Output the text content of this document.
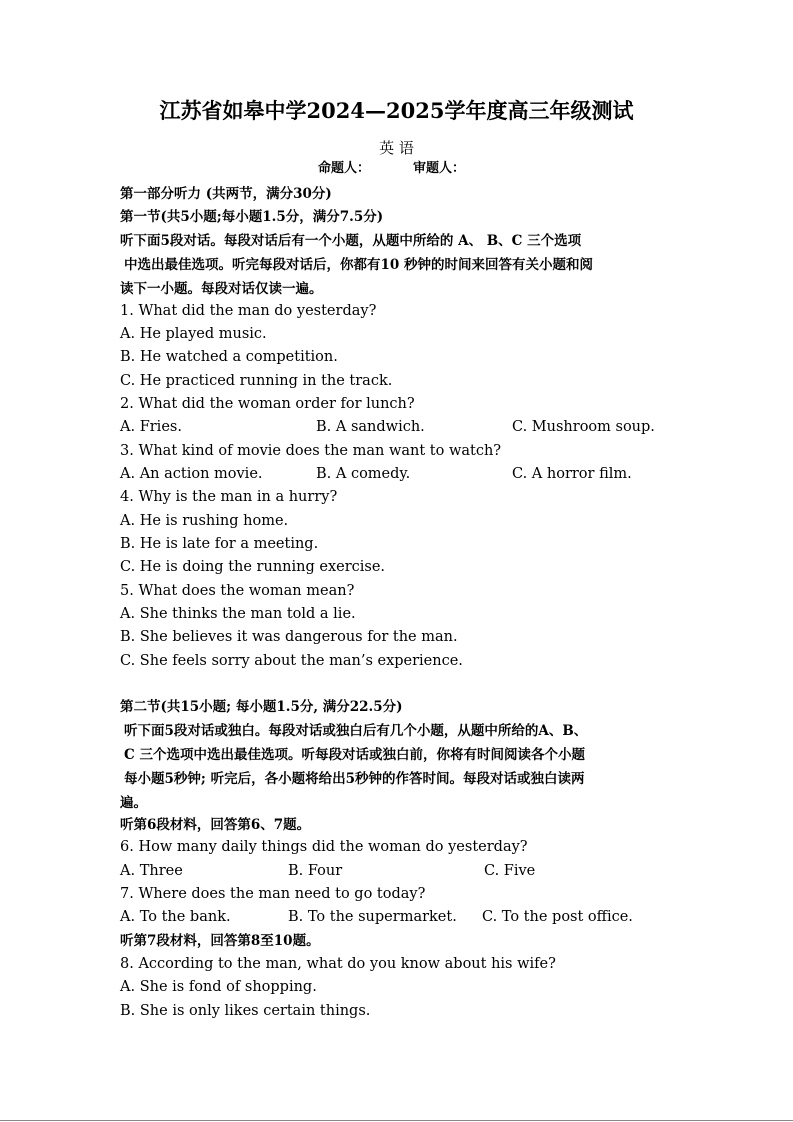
江苏省如皋中学2024—2025学年度高三年级测试
英 语
命题人：	审题人：
第一部分听力 (共两节，满分30分)
第一节(共5小题;每小题1.5分，满分7.5分)
听下面5段对话。每段对话后有一个小题，从题中所给的 A、 B、C 三个选项
中选出最佳选项。听完每段对话后，你都有10 秒钟的时间来回答有关小题和阅
读下一小题。每段对话仅读一遍。
1. What did the man do yesterday?
A. He played music.
B. He watched a competition.
C. He practiced running in the track.
2. What did the woman order for lunch?
A. Fries.	B. A sandwich.	C. Mushroom soup.
3. What kind of movie does the man want to watch?
A. An action movie.	B. A comedy.	C. A horror film.
4. Why is the man in a hurry?
A. He is rushing home.
B. He is late for a meeting.
C. He is doing the running exercise.
5. What does the woman mean?
A. She thinks the man told a lie.
B. She believes it was dangerous for the man.
C. She feels sorry about the man’s experience.
第二节(共15小题; 每小题1.5分, 满分22.5分)
听下面5段对话或独白。每段对话或独白后有几个小题，从题中所给的A、B、
C 三个选项中选出最佳选项。听每段对话或独白前，你将有时间阅读各个小题
每小题5秒钟; 听完后，各小题将给出5秒钟的作答时间。每段对话或独白读两
遍。
听第6段材料，回答第6、7题。
6. How many daily things did the woman do yesterday?
A. Three	B. Four	C. Five
7. Where does the man need to go today?
A. To the bank.	B. To the supermarket. C. To the post office.
听第7段材料，回答第8至10题。
8. According to the man, what do you know about his wife?
A. She is fond of shopping.
B. She is only likes certain things.
